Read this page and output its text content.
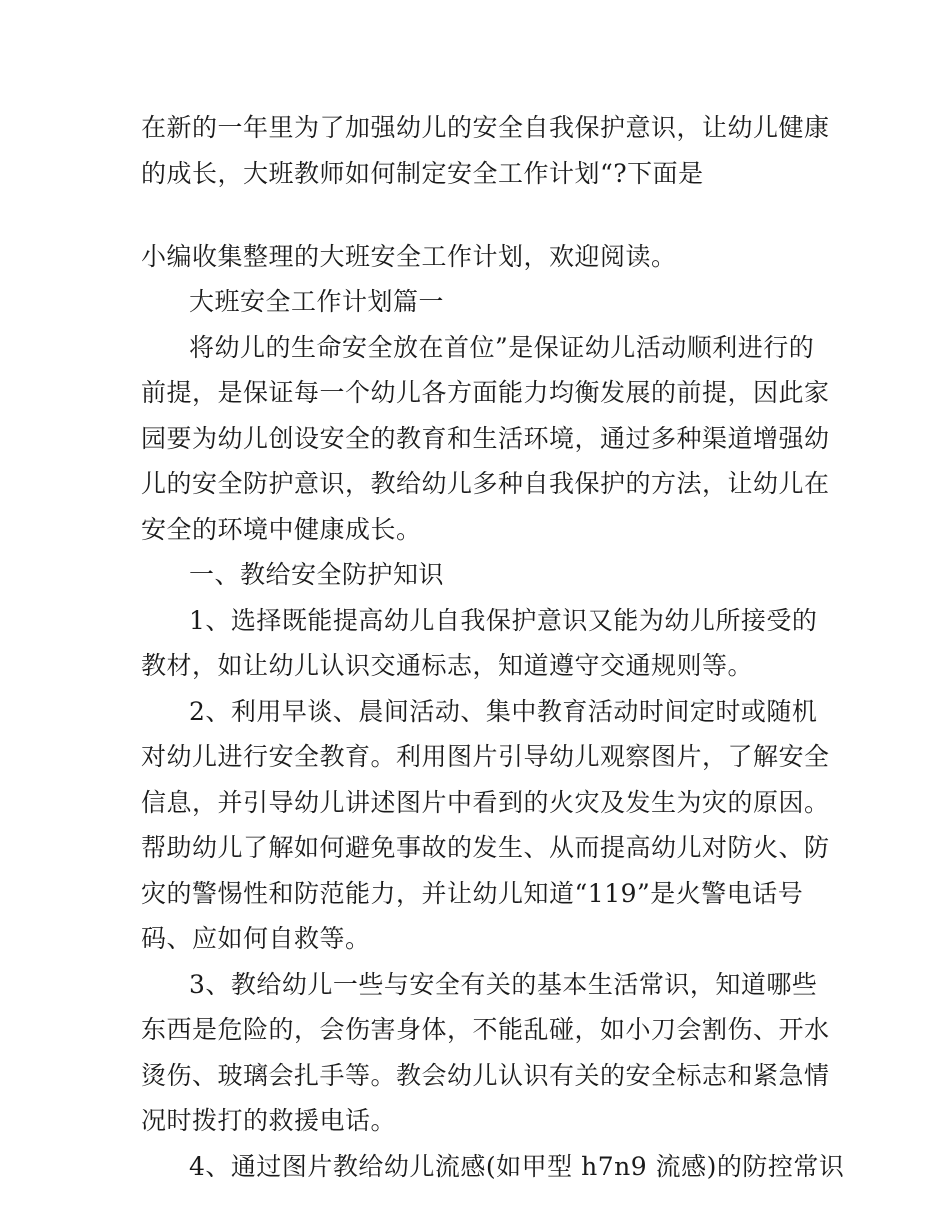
在新的一年里为了加强幼儿的安全自我保护意识，让幼儿健康
的成长，大班教师如何制定安全工作计划“?下面是
小编收集整理的大班安全工作计划，欢迎阅读。
大班安全工作计划篇一
将幼儿的生命安全放在首位”是保证幼儿活动顺利进行的
前提，是保证每一个幼儿各方面能力均衡发展的前提，因此家
园要为幼儿创设安全的教育和生活环境，通过多种渠道增强幼
儿的安全防护意识，教给幼儿多种自我保护的方法，让幼儿在
安全的环境中健康成长。
一、教给安全防护知识
1、选择既能提高幼儿自我保护意识又能为幼儿所接受的
教材，如让幼儿认识交通标志，知道遵守交通规则等。
2、利用早谈、晨间活动、集中教育活动时间定时或随机
对幼儿进行安全教育。利用图片引导幼儿观察图片，了解安全
信息，并引导幼儿讲述图片中看到的火灾及发生为灾的原因。
帮助幼儿了解如何避免事故的发生、从而提高幼儿对防火、防
灾的警惕性和防范能力，并让幼儿知道“119”是火警电话号
码、应如何自救等。
3、教给幼儿一些与安全有关的基本生活常识，知道哪些
东西是危险的，会伤害身体，不能乱碰，如小刀会割伤、开水
烫伤、玻璃会扎手等。教会幼儿认识有关的安全标志和紧急情
况时拨打的救援电话。
4、通过图片教给幼儿流感(如甲型 h7n9 流感)的防控常识
